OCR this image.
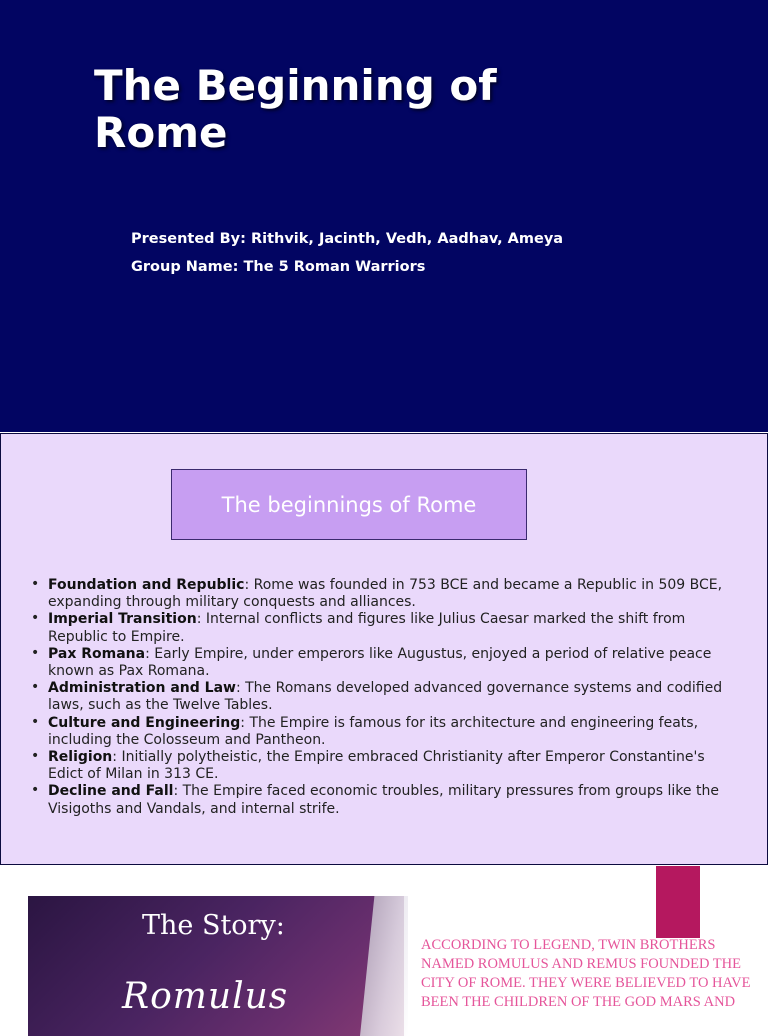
The Beginning of
Rome
Presented By: Rithvik, Jacinth, Vedh, Aadhav, Ameya
Group Name: The 5 Roman Warriors
The beginnings of Rome
• Foundation and Republic: Rome was founded in 753 BCE and became a Republic in 509 BCE, expanding through military conquests and alliances.
• Imperial Transition: Internal conflicts and figures like Julius Caesar marked the shift from Republic to Empire.
• Pax Romana: Early Empire, under emperors like Augustus, enjoyed a period of relative peace known as Pax Romana.
• Administration and Law: The Romans developed advanced governance systems and codified laws, such as the Twelve Tables.
• Culture and Engineering: The Empire is famous for its architecture and engineering feats, including the Colosseum and Pantheon.
• Religion: Initially polytheistic, the Empire embraced Christianity after Emperor Constantine's Edict of Milan in 313 CE.
• Decline and Fall: The Empire faced economic troubles, military pressures from groups like the Visigoths and Vandals, and internal strife.
The Story:
Romulus
ACCORDING TO LEGEND, TWIN BROTHERS NAMED ROMULUS AND REMUS FOUNDED THE CITY OF ROME. THEY WERE BELIEVED TO HAVE BEEN THE CHILDREN OF THE GOD MARS AND
